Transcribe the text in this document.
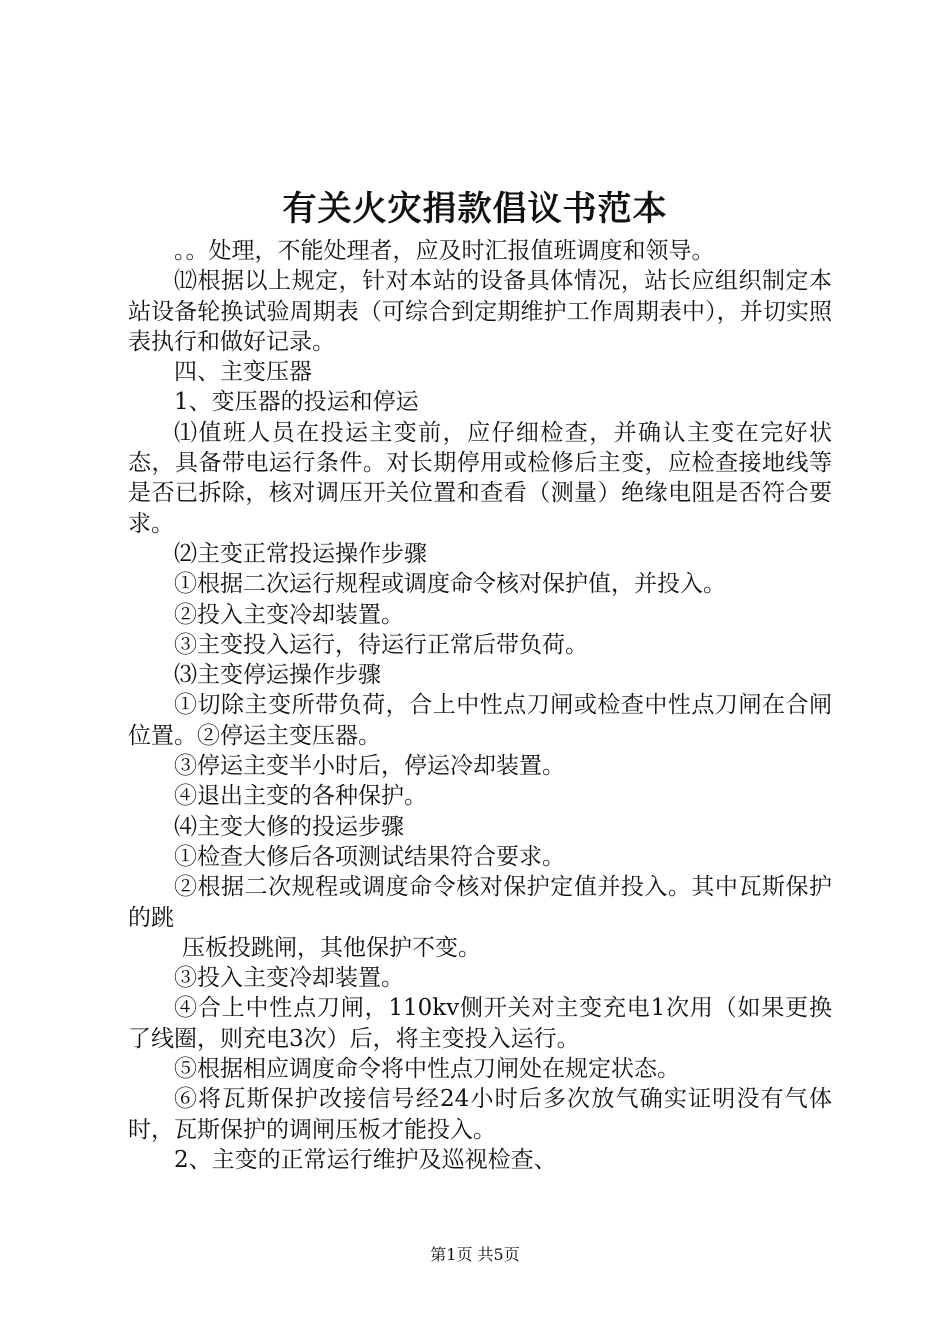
有关火灾捐款倡议书范本

。。处理，不能处理者，应及时汇报值班调度和领导。

⑿根据以上规定，针对本站的设备具体情况，站长应组织制定本站设备轮换试验周期表（可综合到定期维护工作周期表中），并切实照表执行和做好记录。

四、主变压器

1、变压器的投运和停运

⑴值班人员在投运主变前，应仔细检查，并确认主变在完好状态，具备带电运行条件。对长期停用或检修后主变，应检查接地线等是否已拆除，核对调压开关位置和查看（测量）绝缘电阻是否符合要求。

⑵主变正常投运操作步骤

①根据二次运行规程或调度命令核对保护值，并投入。

②投入主变冷却装置。

③主变投入运行，待运行正常后带负荷。

⑶主变停运操作步骤

①切除主变所带负荷，合上中性点刀闸或检查中性点刀闸在合闸位置。②停运主变压器。

③停运主变半小时后，停运冷却装置。

④退出主变的各种保护。

⑷主变大修的投运步骤

①检查大修后各项测试结果符合要求。

②根据二次规程或调度命令核对保护定值并投入。其中瓦斯保护的跳

压板投跳闸，其他保护不变。

③投入主变冷却装置。

④合上中性点刀闸，110kv侧开关对主变充电1次用（如果更换了线圈，则充电3次）后，将主变投入运行。

⑤根据相应调度命令将中性点刀闸处在规定状态。

⑥将瓦斯保护改接信号经24小时后多次放气确实证明没有气体时，瓦斯保护的调闸压板才能投入。

2、主变的正常运行维护及巡视检查、

第1页 共5页
